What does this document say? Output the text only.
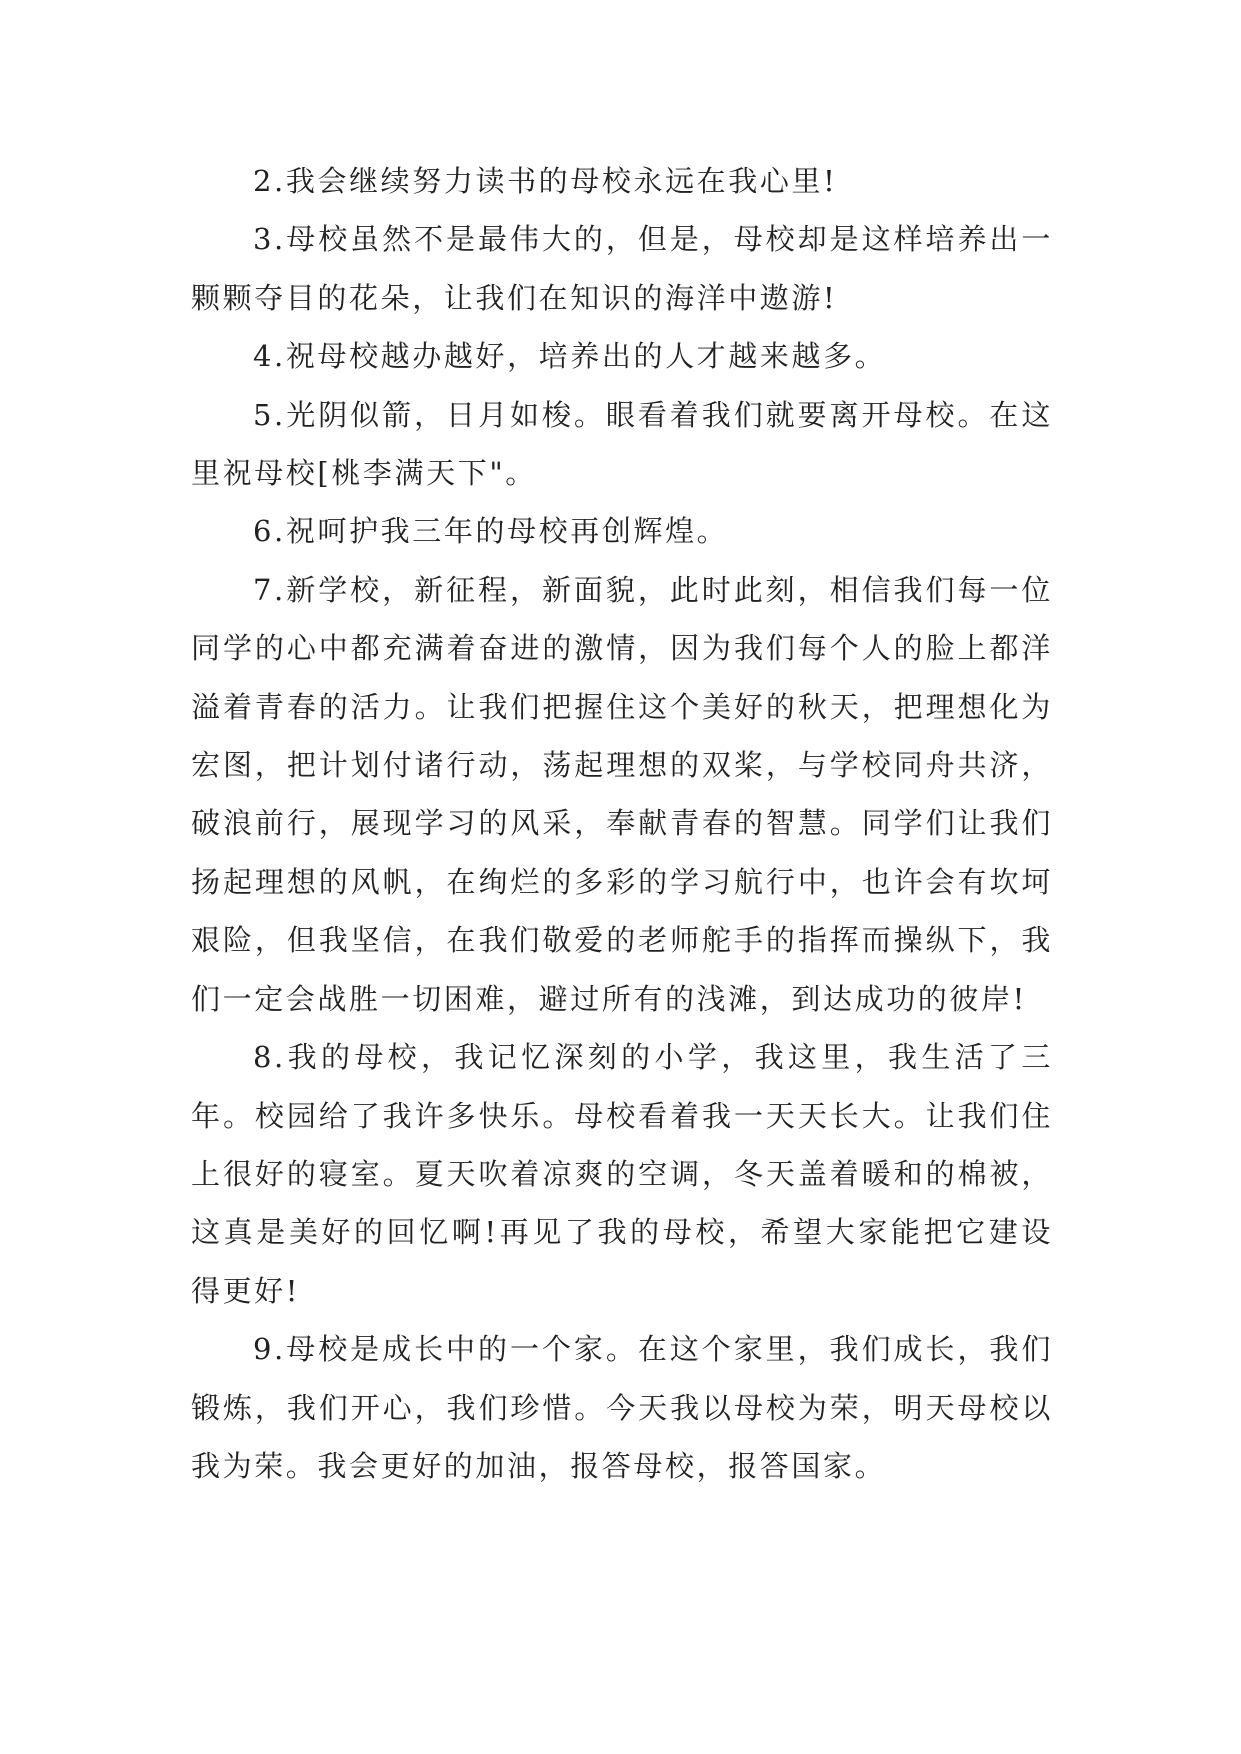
2.我会继续努力读书的母校永远在我心里!

3.母校虽然不是最伟大的，但是，母校却是这样培养出一颗颗夺目的花朵，让我们在知识的海洋中遨游!

4.祝母校越办越好，培养出的人才越来越多。

5.光阴似箭，日月如梭。眼看着我们就要离开母校。在这里祝母校[桃李满天下"。

6.祝呵护我三年的母校再创辉煌。

7.新学校，新征程，新面貌，此时此刻，相信我们每一位同学的心中都充满着奋进的激情，因为我们每个人的脸上都洋溢着青春的活力。让我们把握住这个美好的秋天，把理想化为宏图，把计划付诸行动，荡起理想的双桨，与学校同舟共济，破浪前行，展现学习的风采，奉献青春的智慧。同学们让我们扬起理想的风帆，在绚烂的多彩的学习航行中，也许会有坎坷艰险，但我坚信，在我们敬爱的老师舵手的指挥而操纵下，我们一定会战胜一切困难，避过所有的浅滩，到达成功的彼岸!

8.我的母校，我记忆深刻的小学，我这里，我生活了三年。校园给了我许多快乐。母校看着我一天天长大。让我们住上很好的寝室。夏天吹着凉爽的空调，冬天盖着暖和的棉被，这真是美好的回忆啊!再见了我的母校，希望大家能把它建设得更好!

9.母校是成长中的一个家。在这个家里，我们成长，我们锻炼，我们开心，我们珍惜。今天我以母校为荣，明天母校以我为荣。我会更好的加油，报答母校，报答国家。
